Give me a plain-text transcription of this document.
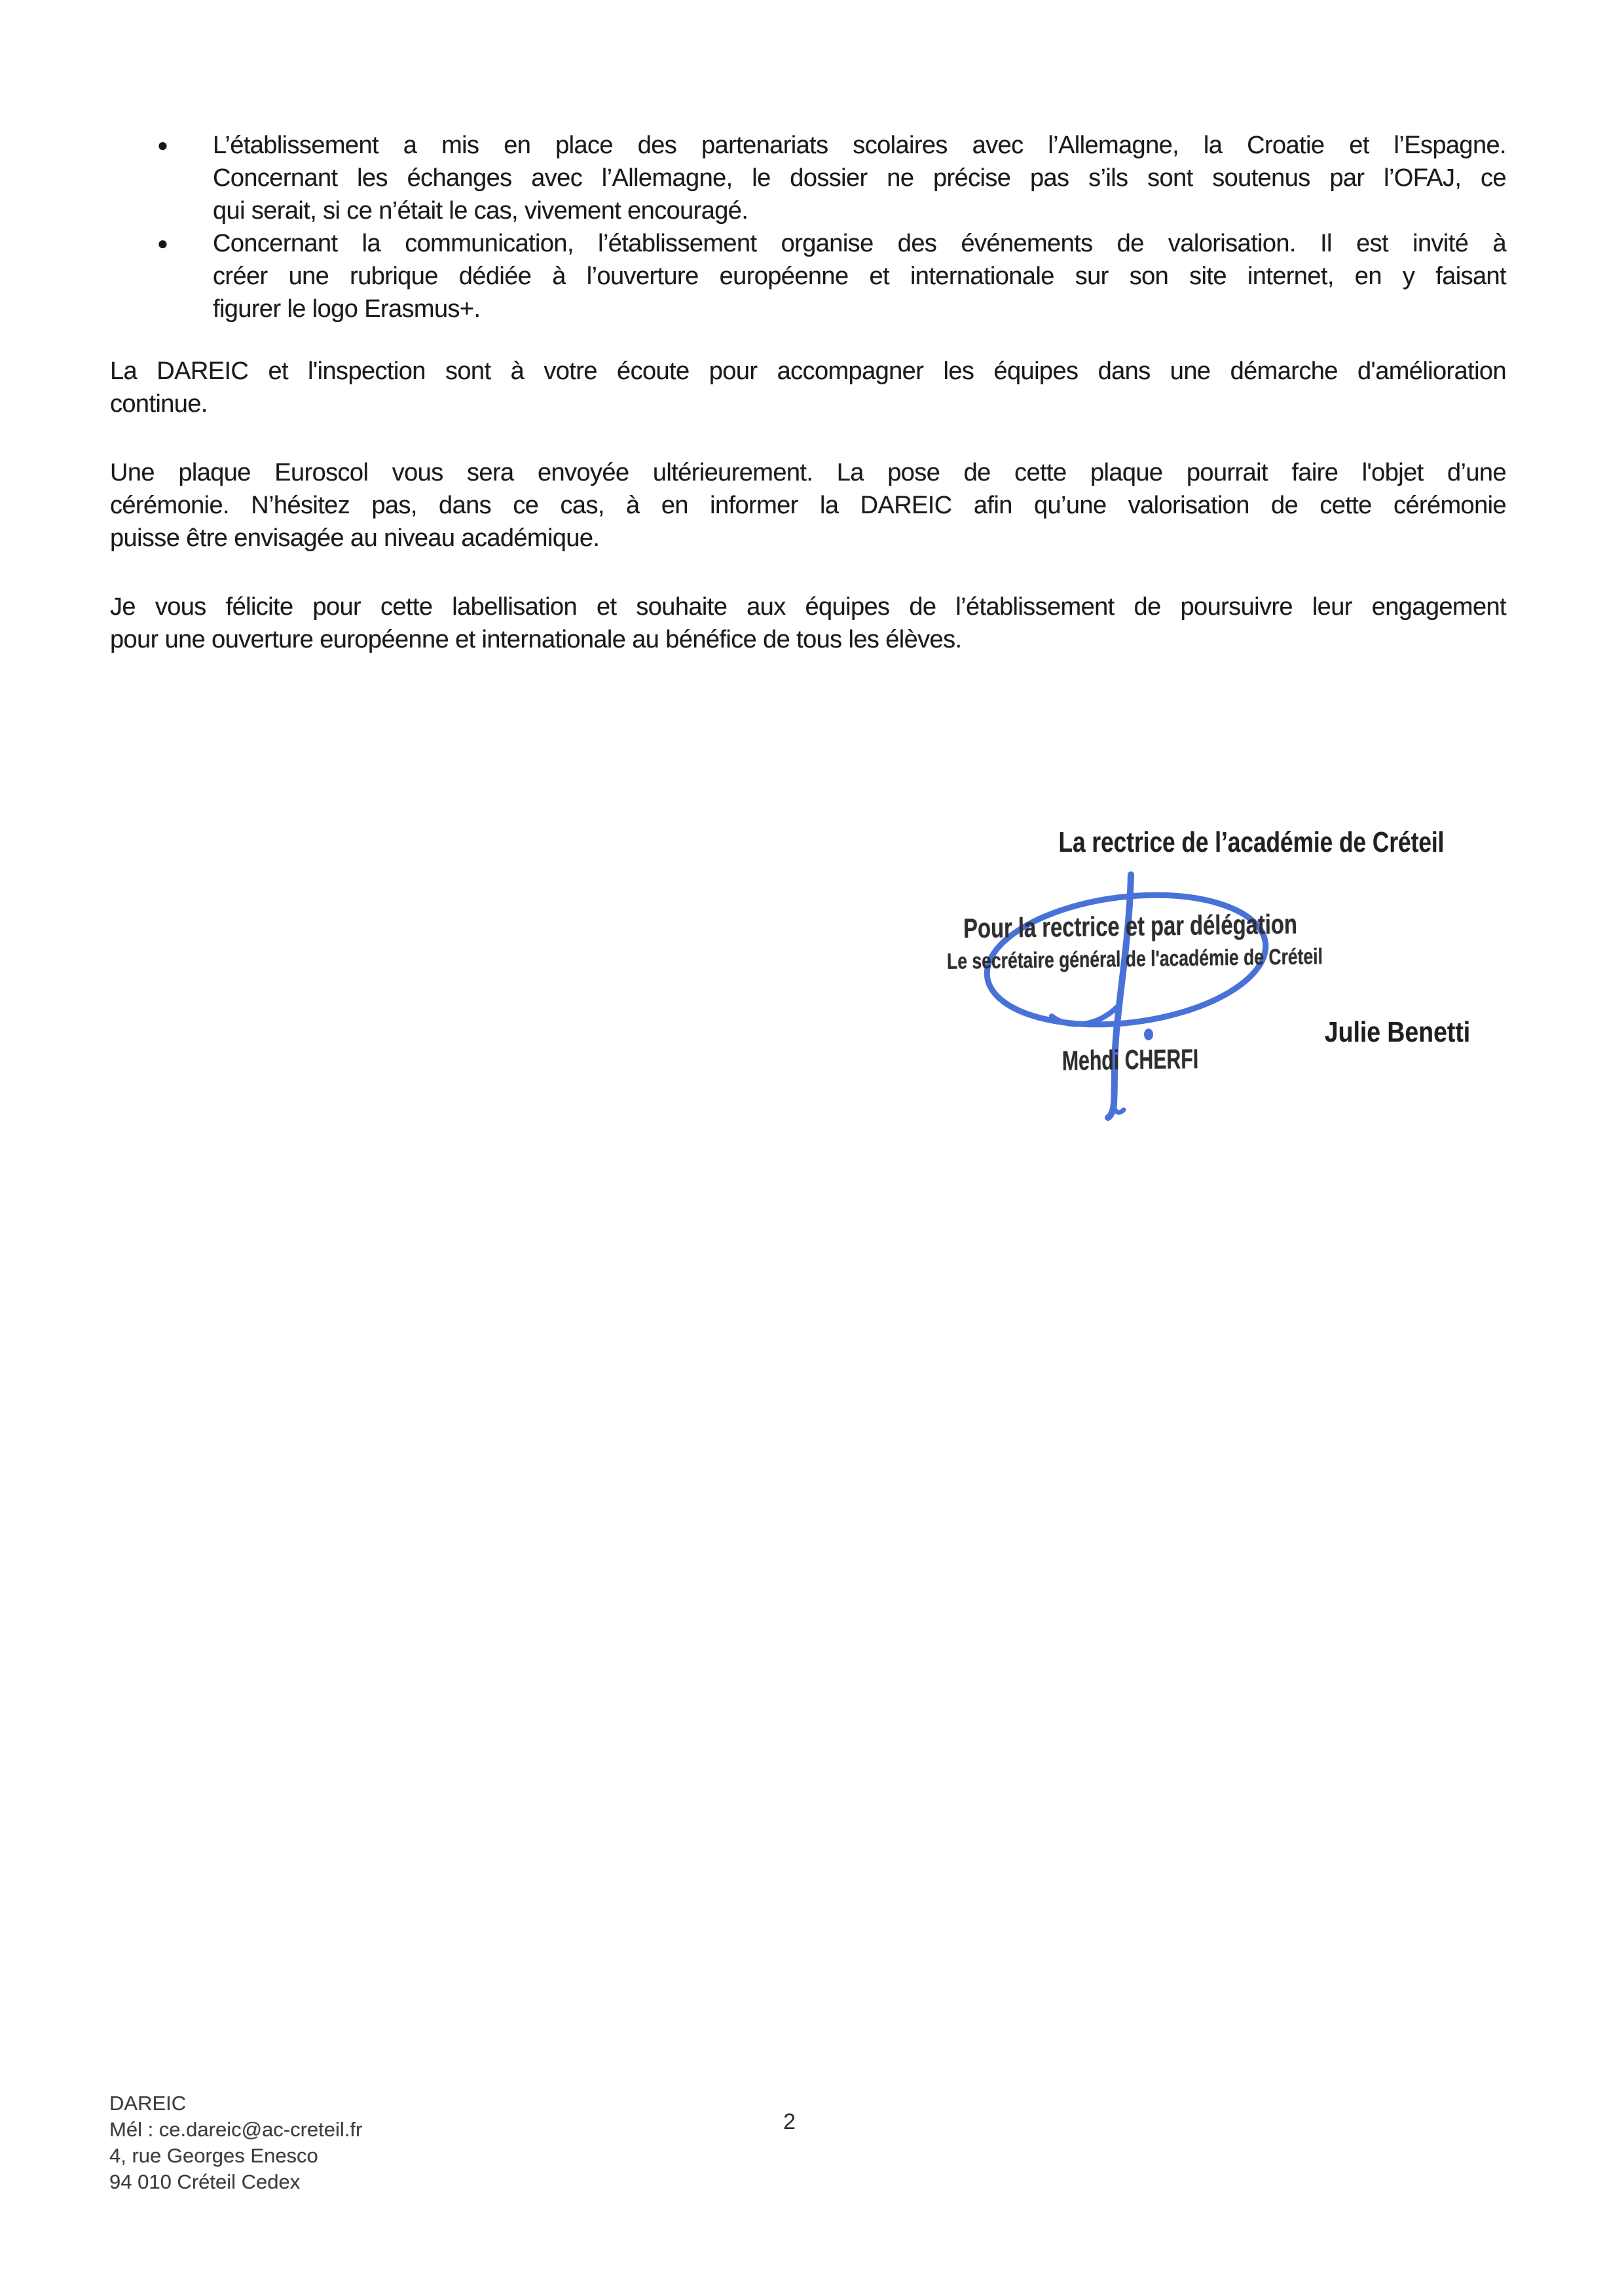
● L’établissement a mis en place des partenariats scolaires avec l’Allemagne, la Croatie et l’Espagne.
Concernant les échanges avec l’Allemagne, le dossier ne précise pas s’ils sont soutenus par l’OFAJ, ce
qui serait, si ce n’était le cas, vivement encouragé.
● Concernant la communication, l’établissement organise des événements de valorisation. Il est invité à
créer une rubrique dédiée à l’ouverture européenne et internationale sur son site internet, en y faisant
figurer le logo Erasmus+.
La DAREIC et l'inspection sont à votre écoute pour accompagner les équipes dans une démarche d'amélioration
continue.
Une plaque Euroscol vous sera envoyée ultérieurement. La pose de cette plaque pourrait faire l'objet d’une
cérémonie. N’hésitez pas, dans ce cas, à en informer la DAREIC afin qu’une valorisation de cette cérémonie
puisse être envisagée au niveau académique.
Je vous félicite pour cette labellisation et souhaite aux équipes de l’établissement de poursuivre leur engagement
pour une ouverture européenne et internationale au bénéfice de tous les élèves.
La rectrice de l’académie de Créteil
Pour la rectrice et par délégation
Le secrétaire général de l'académie de Créteil
Mehdi CHERFI
Julie Benetti
DAREIC
Mél : ce.dareic@ac-creteil.fr
4, rue Georges Enesco
94 010 Créteil Cedex
2
